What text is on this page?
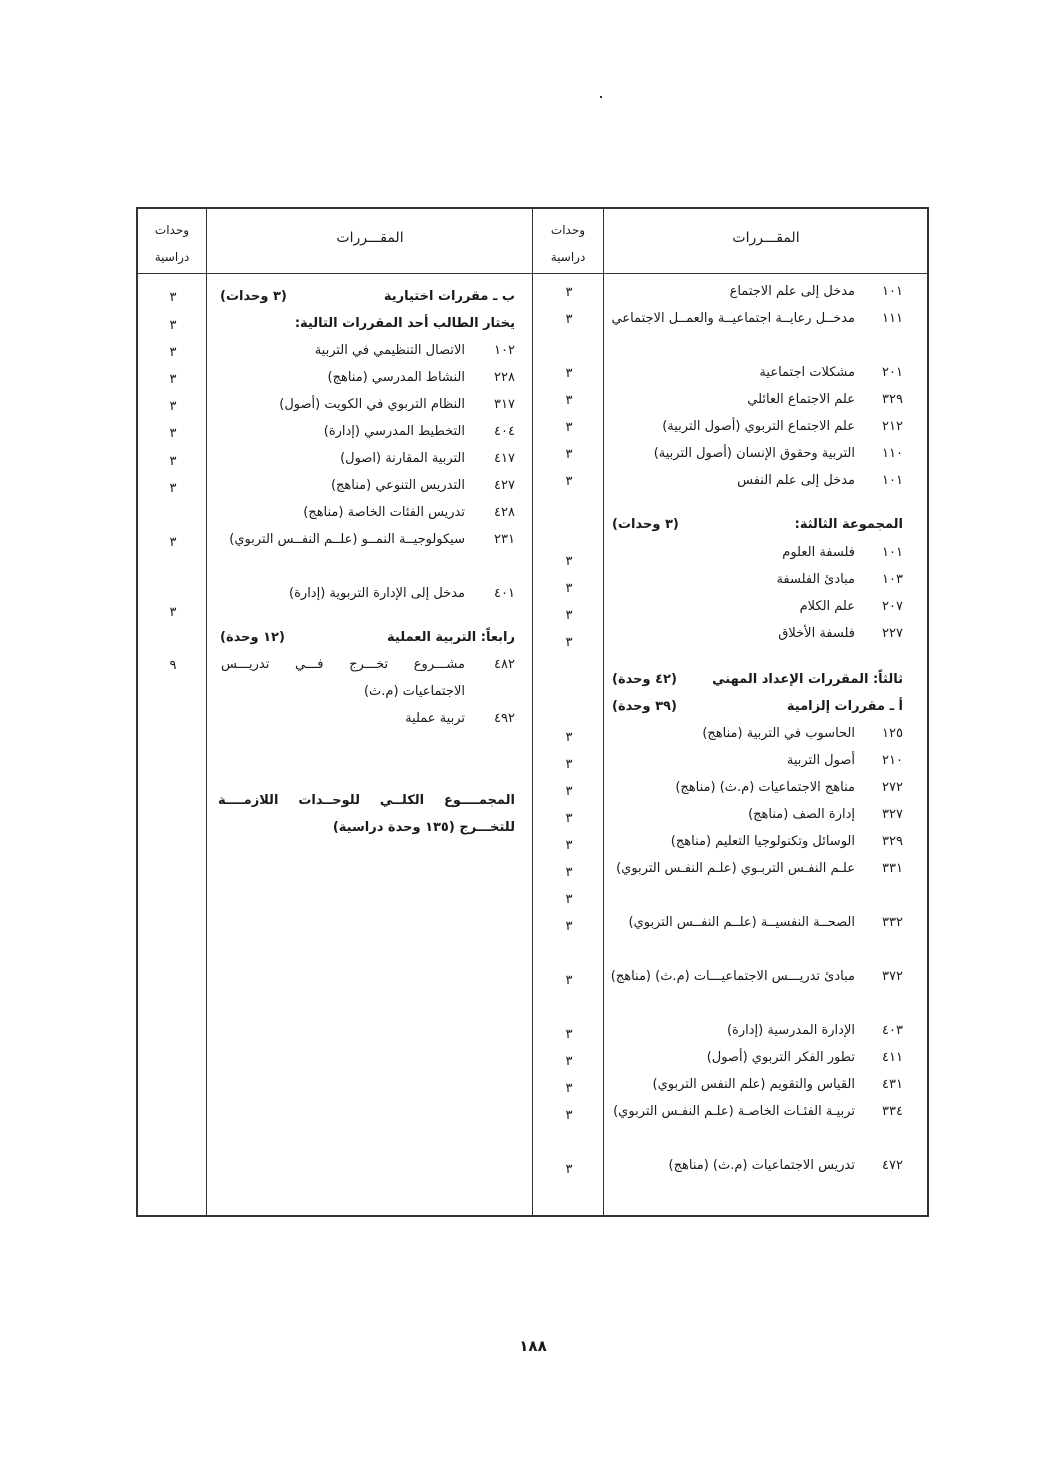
وحدات دراسية
المقـــررات	وحدات دراسية
المقـــررات
١٠١
مدخل إلى علم الاجتماع
١١١
مدخــل رعايــة اجتماعيــة والعمــل الاجتماعي
٢٠١
مشكلات اجتماعية
٣٢٩
علم الاجتماع العائلي
٢١٢
علم الاجتماع التربوي (أصول التربية)
١١٠
التربية وحقوق الإنسان (أصول التربية)
١٠١
مدخل إلى علم النفس
المجموعة الثالثة:
(٣ وحدات)
١٠١
فلسفة العلوم
١٠٣
مبادئ الفلسفة
٢٠٧
علم الكلام
٢٢٧
فلسفة الأخلاق
ثالثاً: المقررات الإعداد المهني
(٤٢ وحدة)
أ ـ مقررات إلزامية
(٣٩ وحدة)
١٢٥
الحاسوب في التربية (مناهج)
٢١٠
أصول التربية
٢٧٢
مناهج الاجتماعيات (م.ث) (مناهج)
٣٢٧
إدارة الصف (مناهج)
٣٢٩
الوسائل وتكنولوجيا التعليم (مناهج)
٣٣١
علـم النفـس التربـوي (علـم النفـس التربوي)
٣٣٢
الصحــة النفسيــة (علــم النفــس التربوي)
٣٧٢
مبادئ تدريـــس الاجتماعيـــات (م.ث) (مناهج)
٤٠٣
الإدارة المدرسية (إدارة)
٤١١
تطور الفكر التربوي (أصول)
٤٣١
القياس والتقويم (علم النفس التربوي)
٣٣٤
تربيـة الفئـات الخاصـة (علـم النفـس التربوي)
٤٧٢
تدريس الاجتماعيات (م.ث) (مناهج)
ب ـ مقررات اختيارية
(٣ وحدات)
يختار الطالب أحد المقررات التالية:
١٠٢
الاتصال التنظيمي في التربية
٢٢٨
النشاط المدرسي (مناهج)
٣١٧
النظام التربوي في الكويت (أصول)
٤٠٤
التخطيط المدرسي (إدارة)
٤١٧
التربية المقارنة (اصول)
٤٢٧
التدريس التنوعي (مناهج)
٤٢٨
تدريس الفئات الخاصة (مناهج)
٢٣١
سيكولوجيــة النمــو (علــم النفــس التربوي)
٤٠١
مدخل إلى الإدارة التربوية (إدارة)
رابعاً: التربية العملية
(١٢ وحدة)
٤٨٢
مشـــروع تخـــرج فـــي تدريـــس الاجتماعيات (م.ث)
٤٩٢
تربية عملية
المجمــــوع الكلــي للوحــدات اللازمــــة للتخـــرج (١٣٥ وحدة دراسية)
٣
٣
٣
٣
٣
٣
٣
٣
٣
٣
٣
٣
٣
٣
٣
٣
٣
٣
٣
٣
٣
٣
٣
٣
٣
٣
٣
٣
٣
٣
٣
٣
٣
٣
٣
٩
١٨٨
